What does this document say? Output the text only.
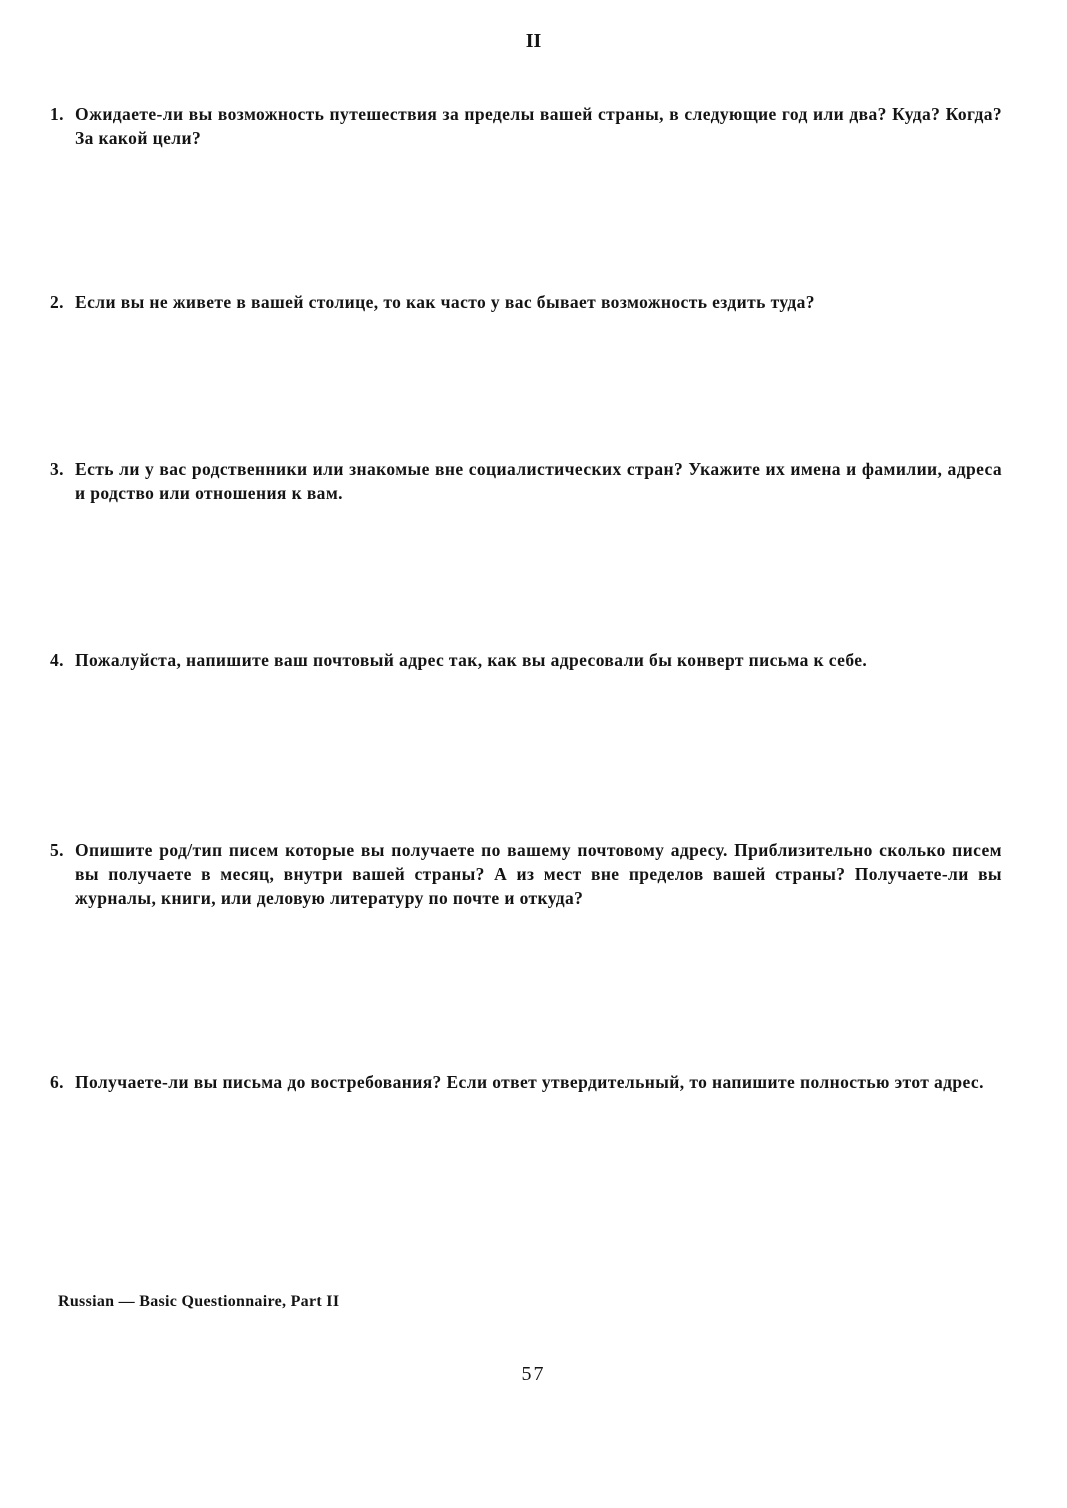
II
1. Ожидаете-ли вы возможность путешествия за пределы вашей страны, в следующие год или два? Куда? Когда? За какой цели?
2. Если вы не живете в вашей столице, то как часто у вас бывает возможность ездить туда?
3. Есть ли у вас родственники или знакомые вне социалистических стран? Укажите их имена и фамилии, адреса и родство или отношения к вам.
4. Пожалуйста, напишите ваш почтовый адрес так, как вы адресовали бы конверт письма к себе.
5. Опишите род/тип писем которые вы получаете по вашему почтовому адресу. Приблизительно сколько писем вы получаете в месяц, внутри вашей страны? А из мест вне пределов вашей страны? Получаете-ли вы журналы, книги, или деловую литературу по почте и откуда?
6. Получаете-ли вы письма до востребования? Если ответ утвердительный, то напишите полностью этот адрес.
Russian — Basic Questionnaire, Part II
57
